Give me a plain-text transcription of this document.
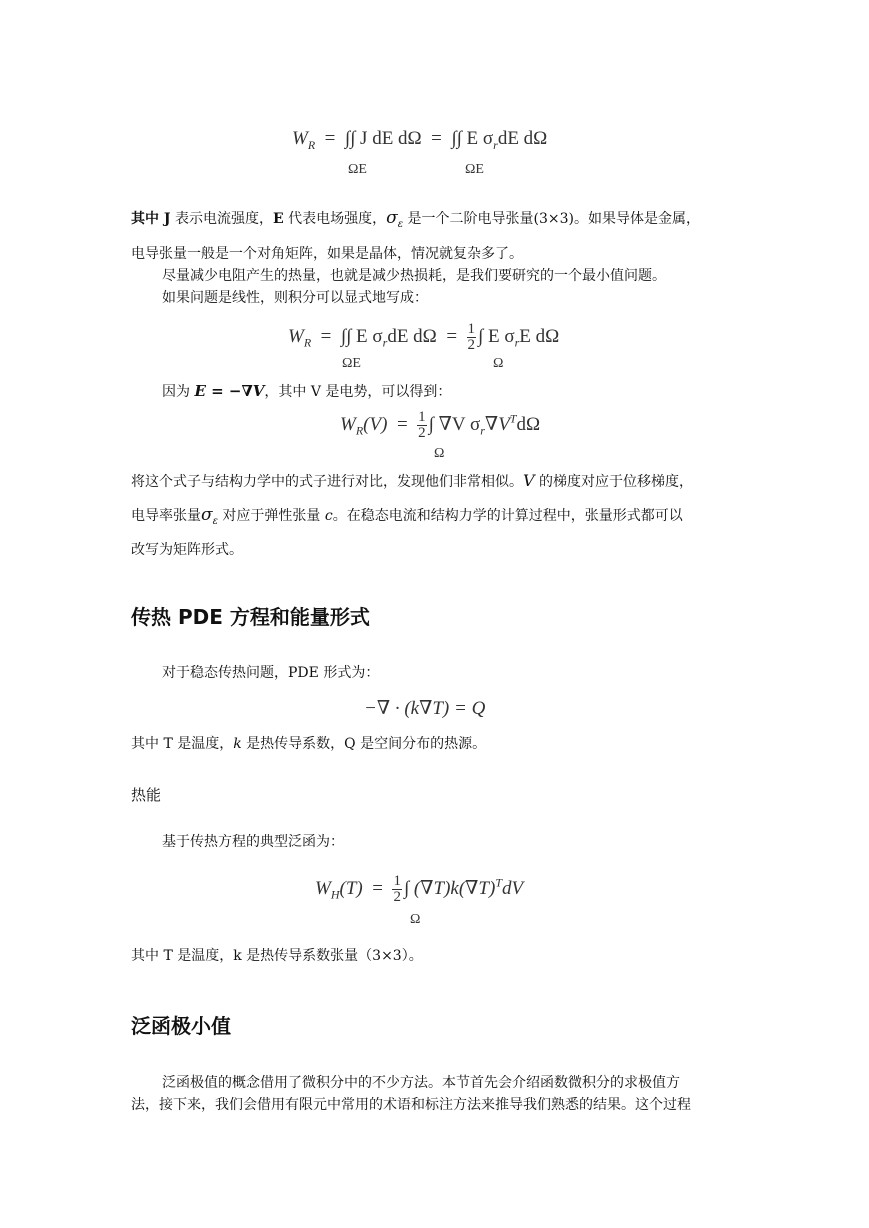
$W_R$  =  ∫∫ J dE dΩ  =  ∫∫ E $\sigma_rdE$ dΩ
ΩE	ΩE
其中 J 表示电流强度，E 代表电场强度，$\sigma_\varepsilon$ 是一个二阶电导张量(3×3)。如果导体是金属，
电导张量一般是一个对角矩阵，如果是晶体，情况就复杂多了。
尽量减少电阻产生的热量，也就是减少热损耗，是我们要研究的一个最小值问题。
如果问题是线性，则积分可以显式地写成：
$W_R$  =  ∫∫ E $\sigma_rdE$ $d\Omega = \frac{1}{2}$ ∫ E $\sigma_rE$ dΩ
ΩE	Ω
因为 E = −∇V，其中 V 是电势，可以得到：
$W_R(V) = \frac{1}{2}$ ∫ ∇V $\sigma_r\nabla V^Td\Omega$
Ω
将这个式子与结构力学中的式子进行对比，发现他们非常相似。V 的梯度对应于位移梯度，
电导率张量$\sigma_\varepsilon$ 对应于弹性张量 c。在稳态电流和结构力学的计算过程中，张量形式都可以
改写为矩阵形式。
传热 PDE 方程和能量形式
对于稳态传热问题，PDE 形式为：
−∇ · (k∇T) = Q
其中 T 是温度，k 是热传导系数，Q 是空间分布的热源。
热能
基于传热方程的典型泛函为：
$W_H(T) = \frac{1}{2}$ ∫ $(\nabla T)k(\nabla T)^TdV$
Ω
其中 T 是温度，k 是热传导系数张量（3×3）。
泛函极小值
泛函极值的概念借用了微积分中的不少方法。本节首先会介绍函数微积分的求极值方
法，接下来，我们会借用有限元中常用的术语和标注方法来推导我们熟悉的结果。这个过程
